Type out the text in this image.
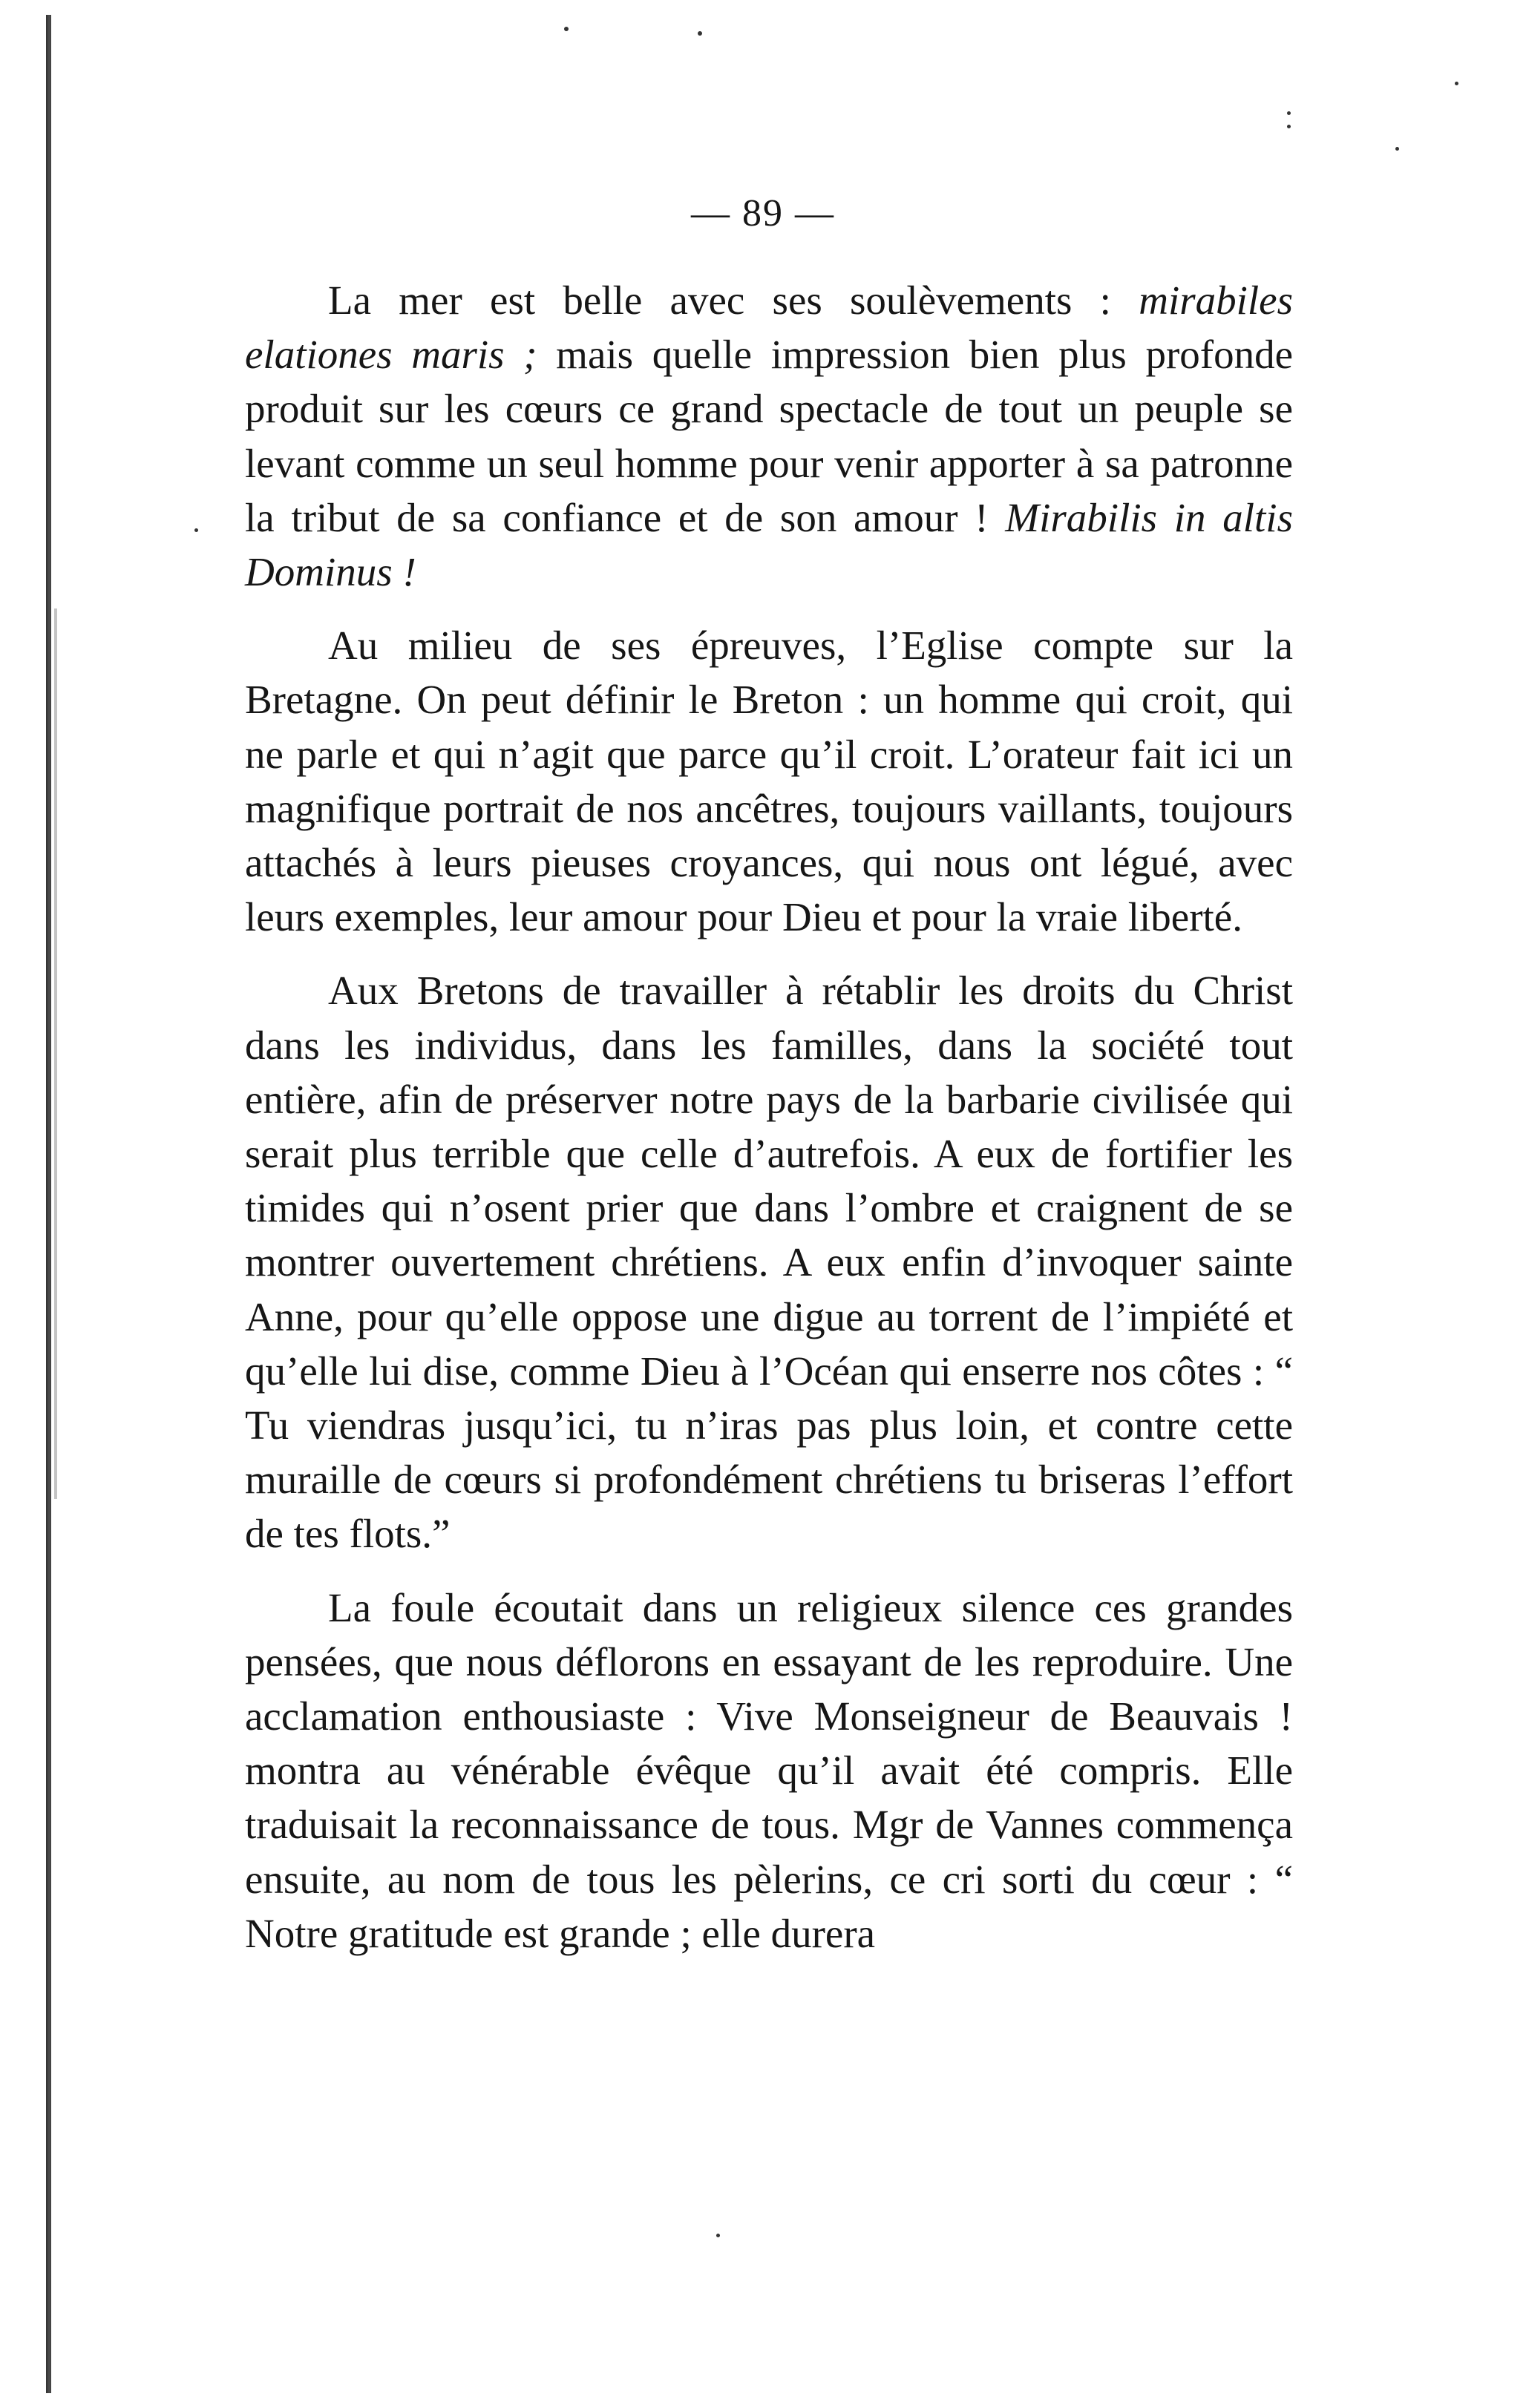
— 89 —

La mer est belle avec ses soulèvements : mirabiles elationes maris ; mais quelle impression bien plus profonde produit sur les cœurs ce grand spectacle de tout un peuple se levant comme un seul homme pour venir apporter à sa patronne la tribut de sa confiance et de son amour ! Mirabilis in altis Dominus !

Au milieu de ses épreuves, l’Eglise compte sur la Bretagne. On peut définir le Breton : un homme qui croit, qui ne parle et qui n’agit que parce qu’il croit. L’orateur fait ici un magnifique portrait de nos ancêtres, toujours vaillants, toujours attachés à leurs pieuses croyances, qui nous ont légué, avec leurs exemples, leur amour pour Dieu et pour la vraie liberté.

Aux Bretons de travailler à rétablir les droits du Christ dans les individus, dans les familles, dans la société tout entière, afin de préserver notre pays de la barbarie civilisée qui serait plus terrible que celle d’autrefois. A eux de fortifier les timides qui n’osent prier que dans l’ombre et craignent de se montrer ouvertement chrétiens. A eux enfin d’invoquer sainte Anne, pour qu’elle oppose une digue au torrent de l’impiété et qu’elle lui dise, comme Dieu à l’Océan qui enserre nos côtes : “ Tu viendras jusqu’ici, tu n’iras pas plus loin, et contre cette muraille de cœurs si profondément chrétiens tu briseras l’effort de tes flots.”

La foule écoutait dans un religieux silence ces grandes pensées, que nous déflorons en essayant de les reproduire. Une acclamation enthousiaste : Vive Monseigneur de Beauvais ! montra au vénérable évêque qu’il avait été compris. Elle traduisait la reconnaissance de tous. Mgr de Vannes commença ensuite, au nom de tous les pèlerins, ce cri sorti du cœur : “ Notre gratitude est grande ; elle durera
